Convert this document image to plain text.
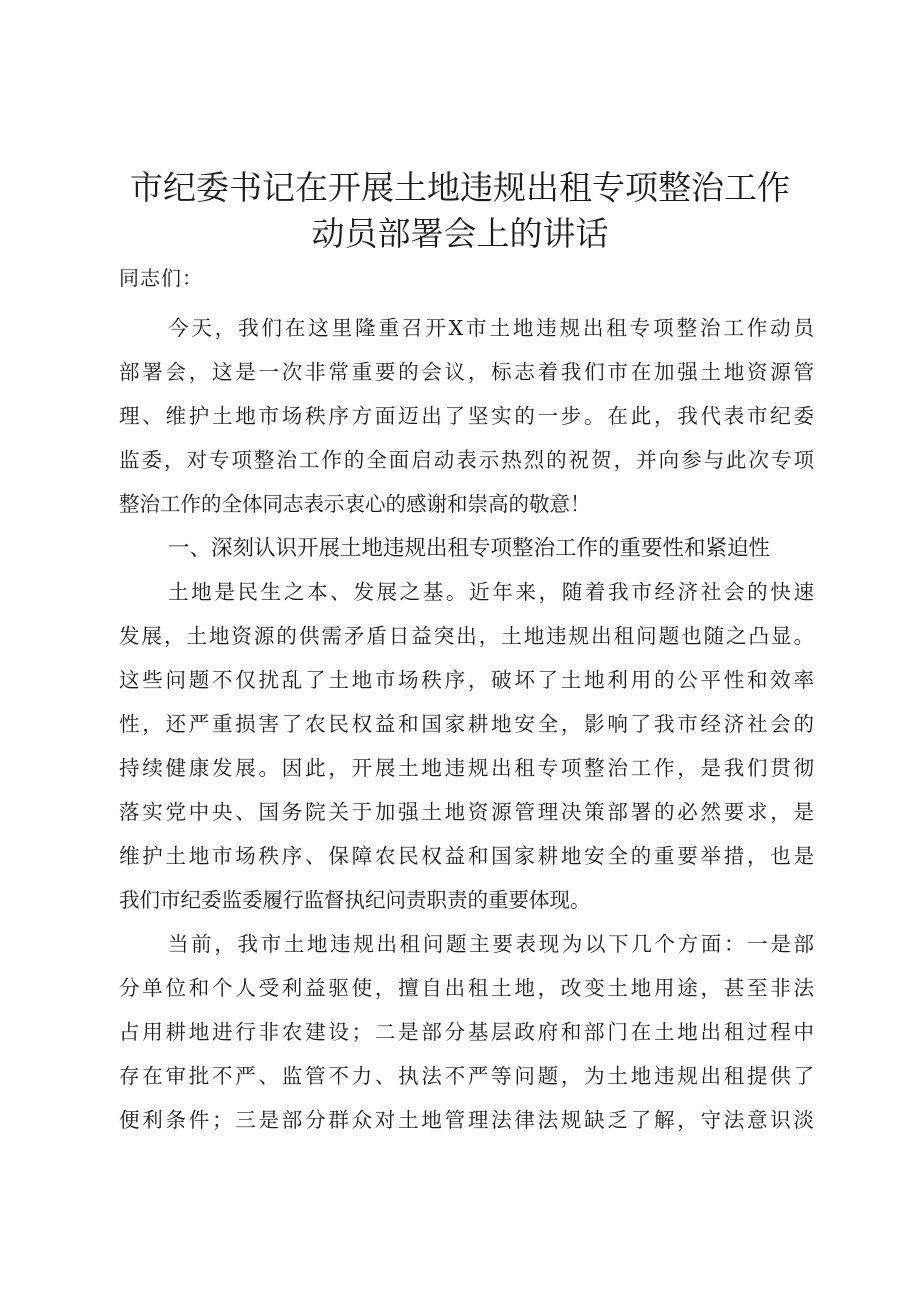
市纪委书记在开展土地违规出租专项整治工作
动员部署会上的讲话
同志们：
今天，我们在这里隆重召开X市土地违规出租专项整治工作动员
部署会，这是一次非常重要的会议，标志着我们市在加强土地资源管
理、维护土地市场秩序方面迈出了坚实的一步。在此，我代表市纪委
监委，对专项整治工作的全面启动表示热烈的祝贺，并向参与此次专项
整治工作的全体同志表示衷心的感谢和崇高的敬意！
一、深刻认识开展土地违规出租专项整治工作的重要性和紧迫性
土地是民生之本、发展之基。近年来，随着我市经济社会的快速
发展，土地资源的供需矛盾日益突出，土地违规出租问题也随之凸显。
这些问题不仅扰乱了土地市场秩序，破坏了土地利用的公平性和效率
性，还严重损害了农民权益和国家耕地安全，影响了我市经济社会的
持续健康发展。因此，开展土地违规出租专项整治工作，是我们贯彻
落实党中央、国务院关于加强土地资源管理决策部署的必然要求，是
维护土地市场秩序、保障农民权益和国家耕地安全的重要举措，也是
我们市纪委监委履行监督执纪问责职责的重要体现。
当前，我市土地违规出租问题主要表现为以下几个方面：一是部
分单位和个人受利益驱使，擅自出租土地，改变土地用途，甚至非法
占用耕地进行非农建设；二是部分基层政府和部门在土地出租过程中
存在审批不严、监管不力、执法不严等问题，为土地违规出租提供了
便利条件；三是部分群众对土地管理法律法规缺乏了解，守法意识淡
